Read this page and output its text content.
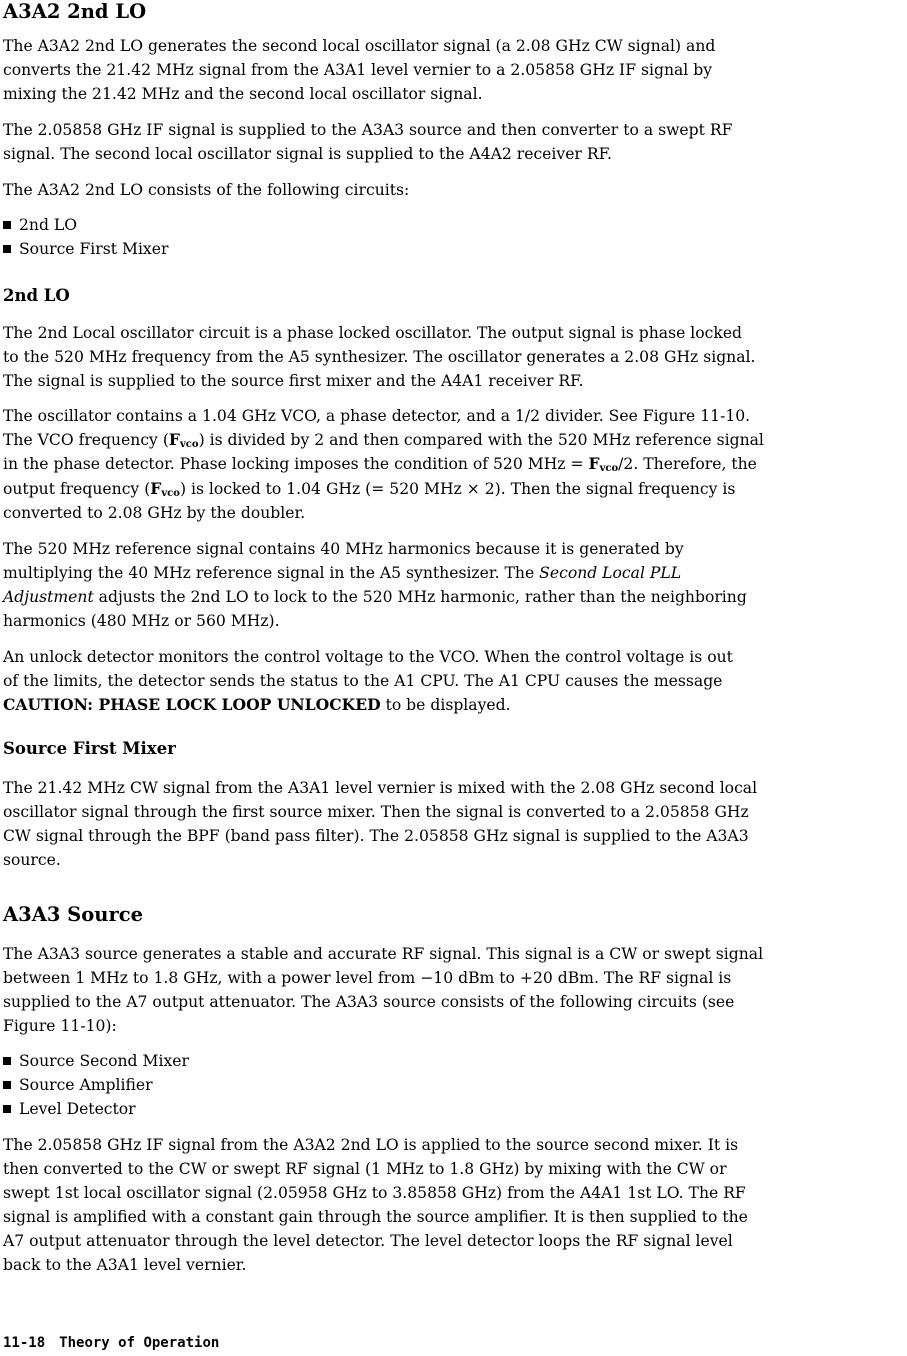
A3A2 2nd LO
The A3A2 2nd LO generates the second local oscillator signal (a 2.08 GHz CW signal) and
converts the 21.42 MHz signal from the A3A1 level vernier to a 2.05858 GHz IF signal by
mixing the 21.42 MHz and the second local oscillator signal.
The 2.05858 GHz IF signal is supplied to the A3A3 source and then converter to a swept RF
signal. The second local oscillator signal is supplied to the A4A2 receiver RF.
The A3A2 2nd LO consists of the following circuits:
2nd LO
Source First Mixer
2nd LO
The 2nd Local oscillator circuit is a phase locked oscillator. The output signal is phase locked
to the 520 MHz frequency from the A5 synthesizer. The oscillator generates a 2.08 GHz signal.
The signal is supplied to the source first mixer and the A4A1 receiver RF.
The oscillator contains a 1.04 GHz VCO, a phase detector, and a 1/2 divider. See Figure 11-10.
The VCO frequency $(F_{vco})$ is divided by 2 and then compared with the 520 MHz reference signal
in the phase detector. Phase locking imposes the condition of 520 MHz = $F_{vco}/2$. Therefore, the
output frequency $(F_{vco})$ is locked to 1.04 GHz (= 520 MHz × 2). Then the signal frequency is
converted to 2.08 GHz by the doubler.
The 520 MHz reference signal contains 40 MHz harmonics because it is generated by
multiplying the 40 MHz reference signal in the A5 synthesizer. The Second Local PLL
Adjustment adjusts the 2nd LO to lock to the 520 MHz harmonic, rather than the neighboring
harmonics (480 MHz or 560 MHz).
An unlock detector monitors the control voltage to the VCO. When the control voltage is out
of the limits, the detector sends the status to the A1 CPU. The A1 CPU causes the message
CAUTION: PHASE LOCK LOOP UNLOCKED to be displayed.
Source First Mixer
The 21.42 MHz CW signal from the A3A1 level vernier is mixed with the 2.08 GHz second local
oscillator signal through the first source mixer. Then the signal is converted to a 2.05858 GHz
CW signal through the BPF (band pass filter). The 2.05858 GHz signal is supplied to the A3A3
source.
A3A3 Source
The A3A3 source generates a stable and accurate RF signal. This signal is a CW or swept signal
between 1 MHz to 1.8 GHz, with a power level from −10 dBm to +20 dBm. The RF signal is
supplied to the A7 output attenuator. The A3A3 source consists of the following circuits (see
Figure 11-10):
Source Second Mixer
Source Amplifier
Level Detector
The 2.05858 GHz IF signal from the A3A2 2nd LO is applied to the source second mixer. It is
then converted to the CW or swept RF signal (1 MHz to 1.8 GHz) by mixing with the CW or
swept 1st local oscillator signal (2.05958 GHz to 3.85858 GHz) from the A4A1 1st LO. The RF
signal is amplified with a constant gain through the source amplifier. It is then supplied to the
A7 output attenuator through the level detector. The level detector loops the RF signal level
back to the A3A1 level vernier.
11-18 Theory of Operation
